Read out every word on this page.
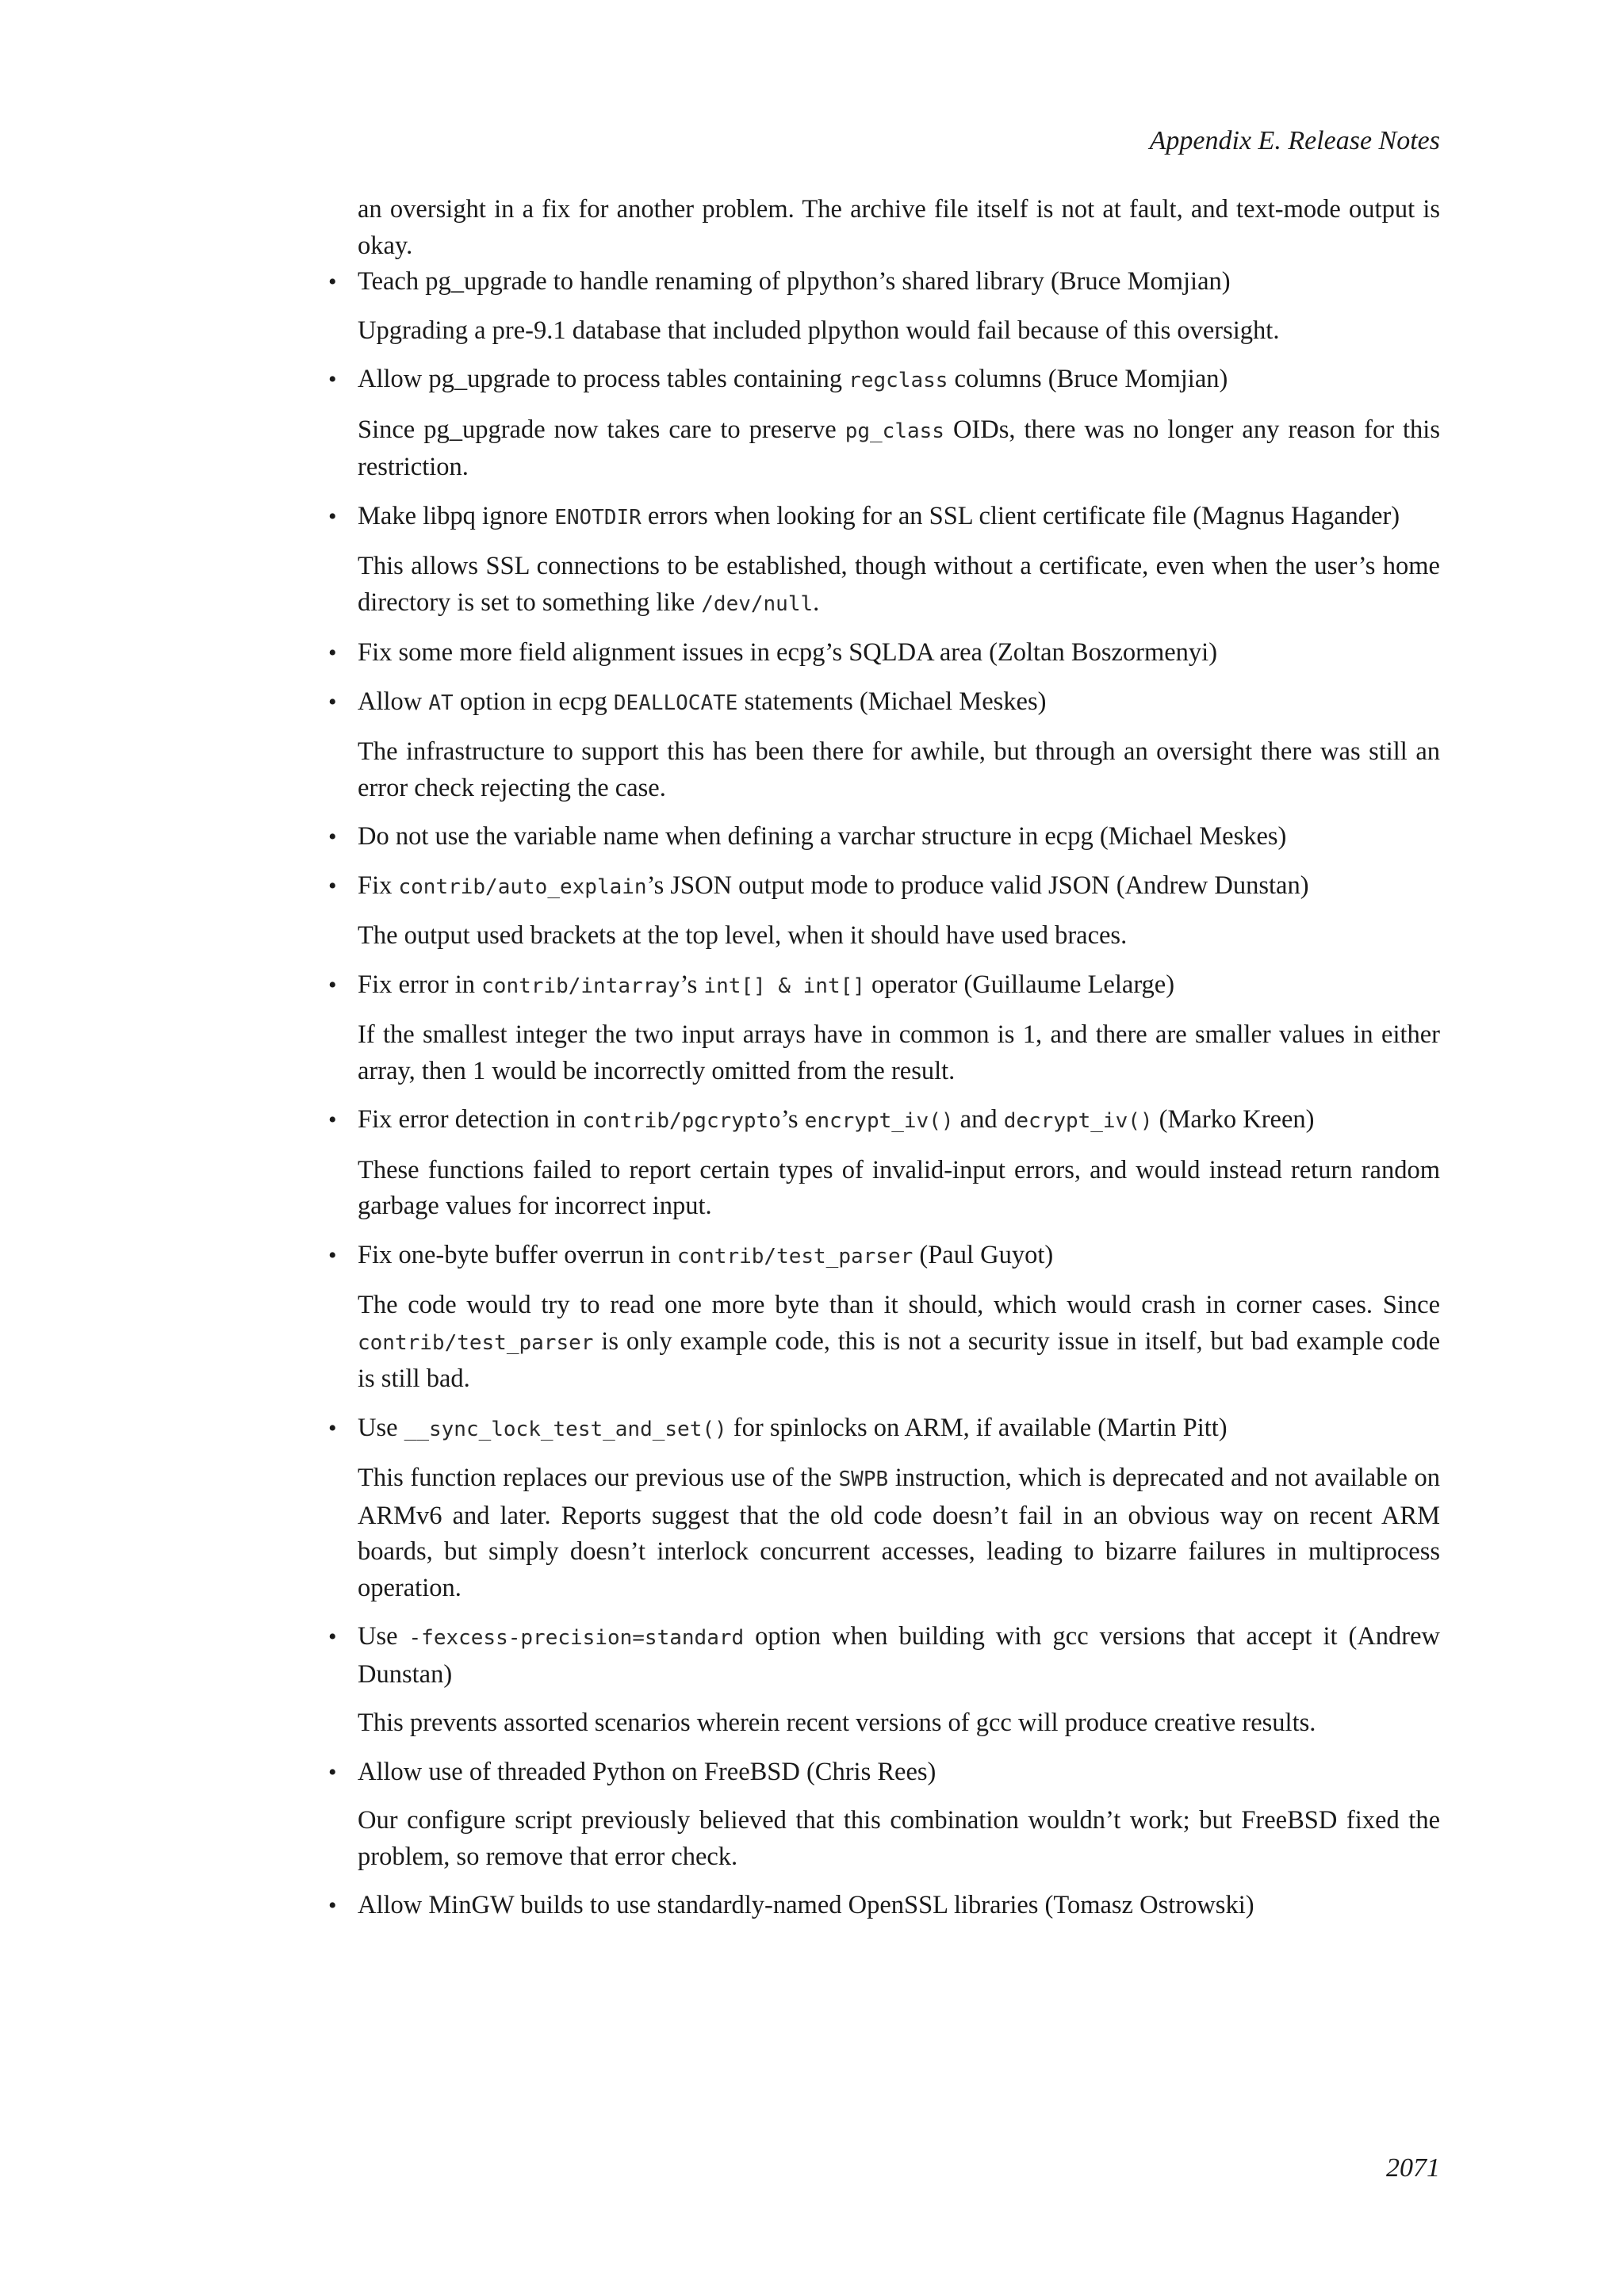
Appendix E. Release Notes

an oversight in a fix for another problem. The archive file itself is not at fault, and text-mode output is okay.

• Teach pg_upgrade to handle renaming of plpython’s shared library (Bruce Momjian)

Upgrading a pre-9.1 database that included plpython would fail because of this oversight.

• Allow pg_upgrade to process tables containing regclass columns (Bruce Momjian)

Since pg_upgrade now takes care to preserve pg_class OIDs, there was no longer any reason for this restriction.

• Make libpq ignore ENOTDIR errors when looking for an SSL client certificate file (Magnus Hagander)

This allows SSL connections to be established, though without a certificate, even when the user’s home directory is set to something like /dev/null.

• Fix some more field alignment issues in ecpg’s SQLDA area (Zoltan Boszormenyi)

• Allow AT option in ecpg DEALLOCATE statements (Michael Meskes)

The infrastructure to support this has been there for awhile, but through an oversight there was still an error check rejecting the case.

• Do not use the variable name when defining a varchar structure in ecpg (Michael Meskes)

• Fix contrib/auto_explain’s JSON output mode to produce valid JSON (Andrew Dunstan)

The output used brackets at the top level, when it should have used braces.

• Fix error in contrib/intarray’s int[] & int[] operator (Guillaume Lelarge)

If the smallest integer the two input arrays have in common is 1, and there are smaller values in either array, then 1 would be incorrectly omitted from the result.

• Fix error detection in contrib/pgcrypto’s encrypt_iv() and decrypt_iv() (Marko Kreen)

These functions failed to report certain types of invalid-input errors, and would instead return random garbage values for incorrect input.

• Fix one-byte buffer overrun in contrib/test_parser (Paul Guyot)

The code would try to read one more byte than it should, which would crash in corner cases. Since contrib/test_parser is only example code, this is not a security issue in itself, but bad example code is still bad.

• Use __sync_lock_test_and_set() for spinlocks on ARM, if available (Martin Pitt)

This function replaces our previous use of the SWPB instruction, which is deprecated and not available on ARMv6 and later. Reports suggest that the old code doesn’t fail in an obvious way on recent ARM boards, but simply doesn’t interlock concurrent accesses, leading to bizarre failures in multiprocess operation.

• Use -fexcess-precision=standard option when building with gcc versions that accept it (Andrew Dunstan)

This prevents assorted scenarios wherein recent versions of gcc will produce creative results.

• Allow use of threaded Python on FreeBSD (Chris Rees)

Our configure script previously believed that this combination wouldn’t work; but FreeBSD fixed the problem, so remove that error check.

• Allow MinGW builds to use standardly-named OpenSSL libraries (Tomasz Ostrowski)

2071
